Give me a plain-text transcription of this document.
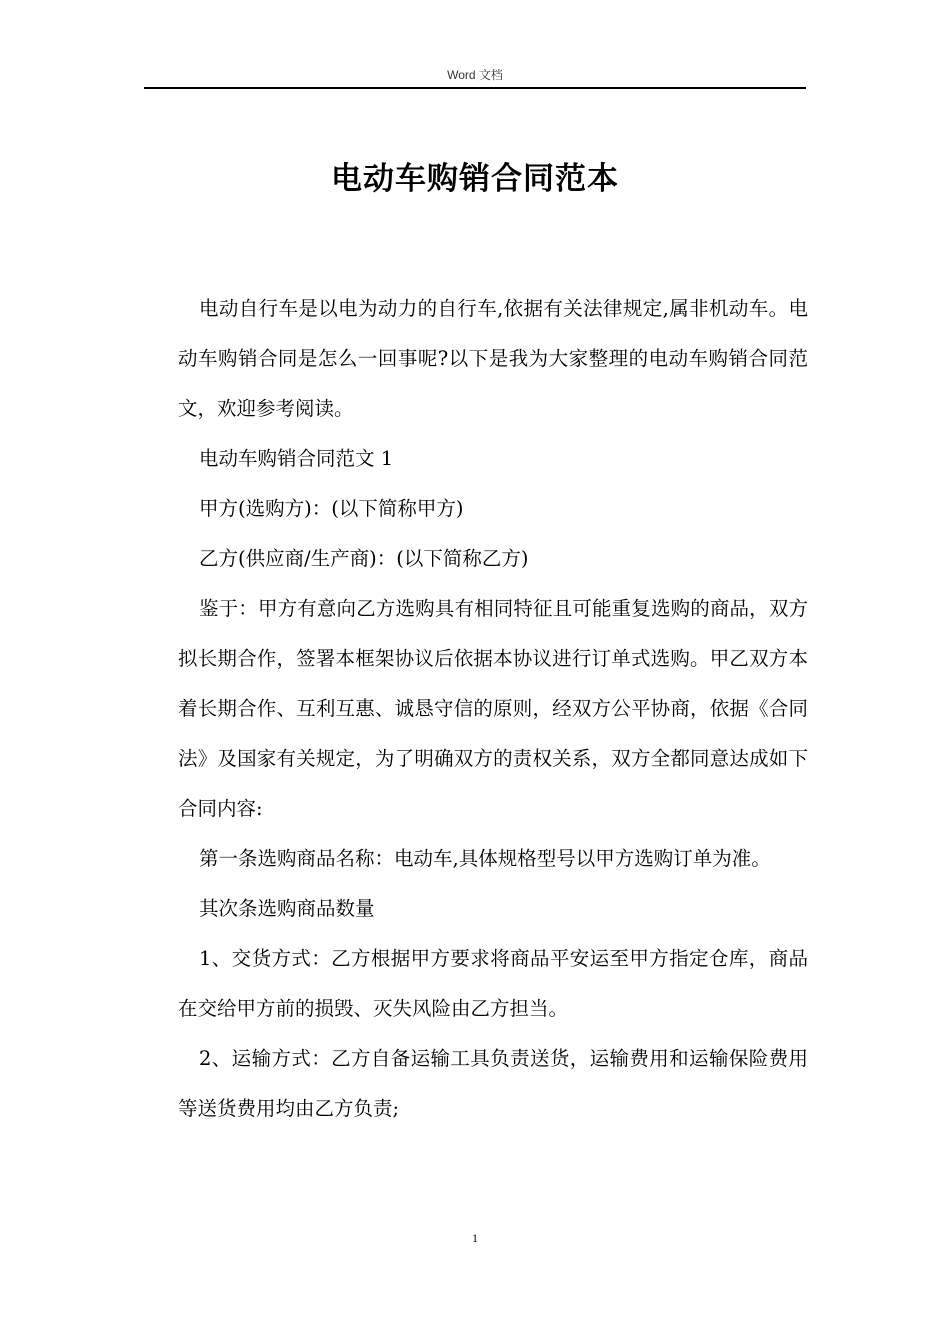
Word 文档
电动车购销合同范本

电动自行车是以电为动力的自行车,依据有关法律规定,属非机动车。电动车购销合同是怎么一回事呢?以下是我为大家整理的电动车购销合同范文，欢迎参考阅读。

电动车购销合同范文 1

甲方(选购方)：(以下简称甲方)

乙方(供应商/生产商)：(以下简称乙方)

鉴于：甲方有意向乙方选购具有相同特征且可能重复选购的商品，双方拟长期合作，签署本框架协议后依据本协议进行订单式选购。甲乙双方本着长期合作、互利互惠、诚恳守信的原则，经双方公平协商，依据《合同法》及国家有关规定，为了明确双方的责权关系，双方全都同意达成如下合同内容:

第一条选购商品名称：电动车,具体规格型号以甲方选购订单为准。

其次条选购商品数量

1、交货方式：乙方根据甲方要求将商品平安运至甲方指定仓库，商品在交给甲方前的损毁、灭失风险由乙方担当。

2、运输方式：乙方自备运输工具负责送货，运输费用和运输保险费用等送货费用均由乙方负责;

1
